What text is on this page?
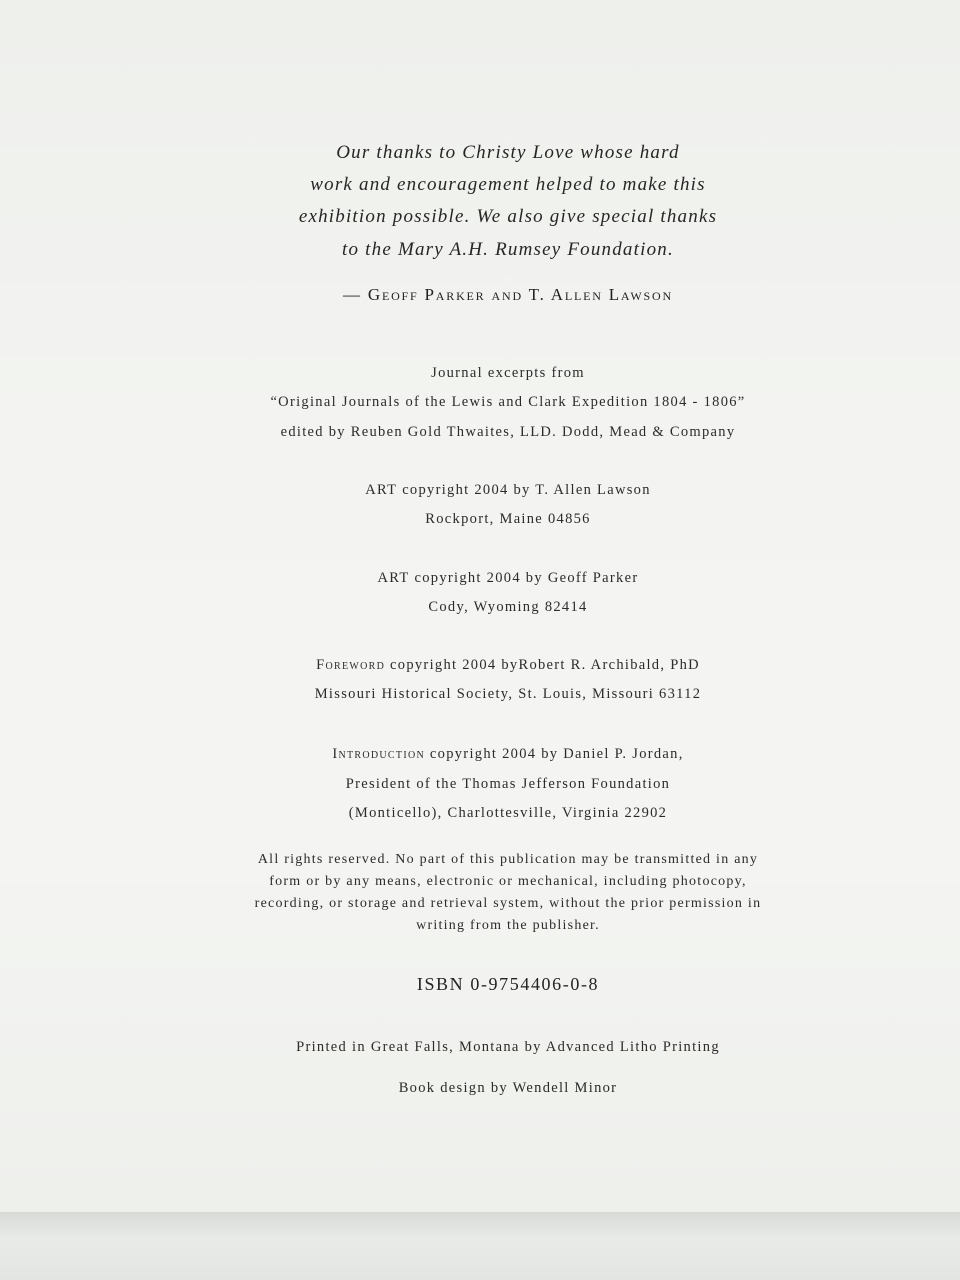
Our thanks to Christy Love whose hard
work and encouragement helped to make this
exhibition possible. We also give special thanks
to the Mary A.H. Rumsey Foundation.
— Geoff Parker and T. Allen Lawson
Journal excerpts from
“Original Journals of the Lewis and Clark Expedition 1804 - 1806”
edited by Reuben Gold Thwaites, LLD. Dodd, Mead & Company
ART copyright 2004 by T. Allen Lawson
Rockport, Maine 04856
ART copyright 2004 by Geoff Parker
Cody, Wyoming 82414
Foreword copyright 2004 byRobert R. Archibald, PhD
Missouri Historical Society, St. Louis, Missouri 63112
Introduction copyright 2004 by Daniel P. Jordan,
President of the Thomas Jefferson Foundation
(Monticello), Charlottesville, Virginia 22902
All rights reserved. No part of this publication may be transmitted in any form or by any means, electronic or mechanical, including photocopy, recording, or storage and retrieval system, without the prior permission in writing from the publisher.
ISBN 0-9754406-0-8
Printed in Great Falls, Montana by Advanced Litho Printing
Book design by Wendell Minor
